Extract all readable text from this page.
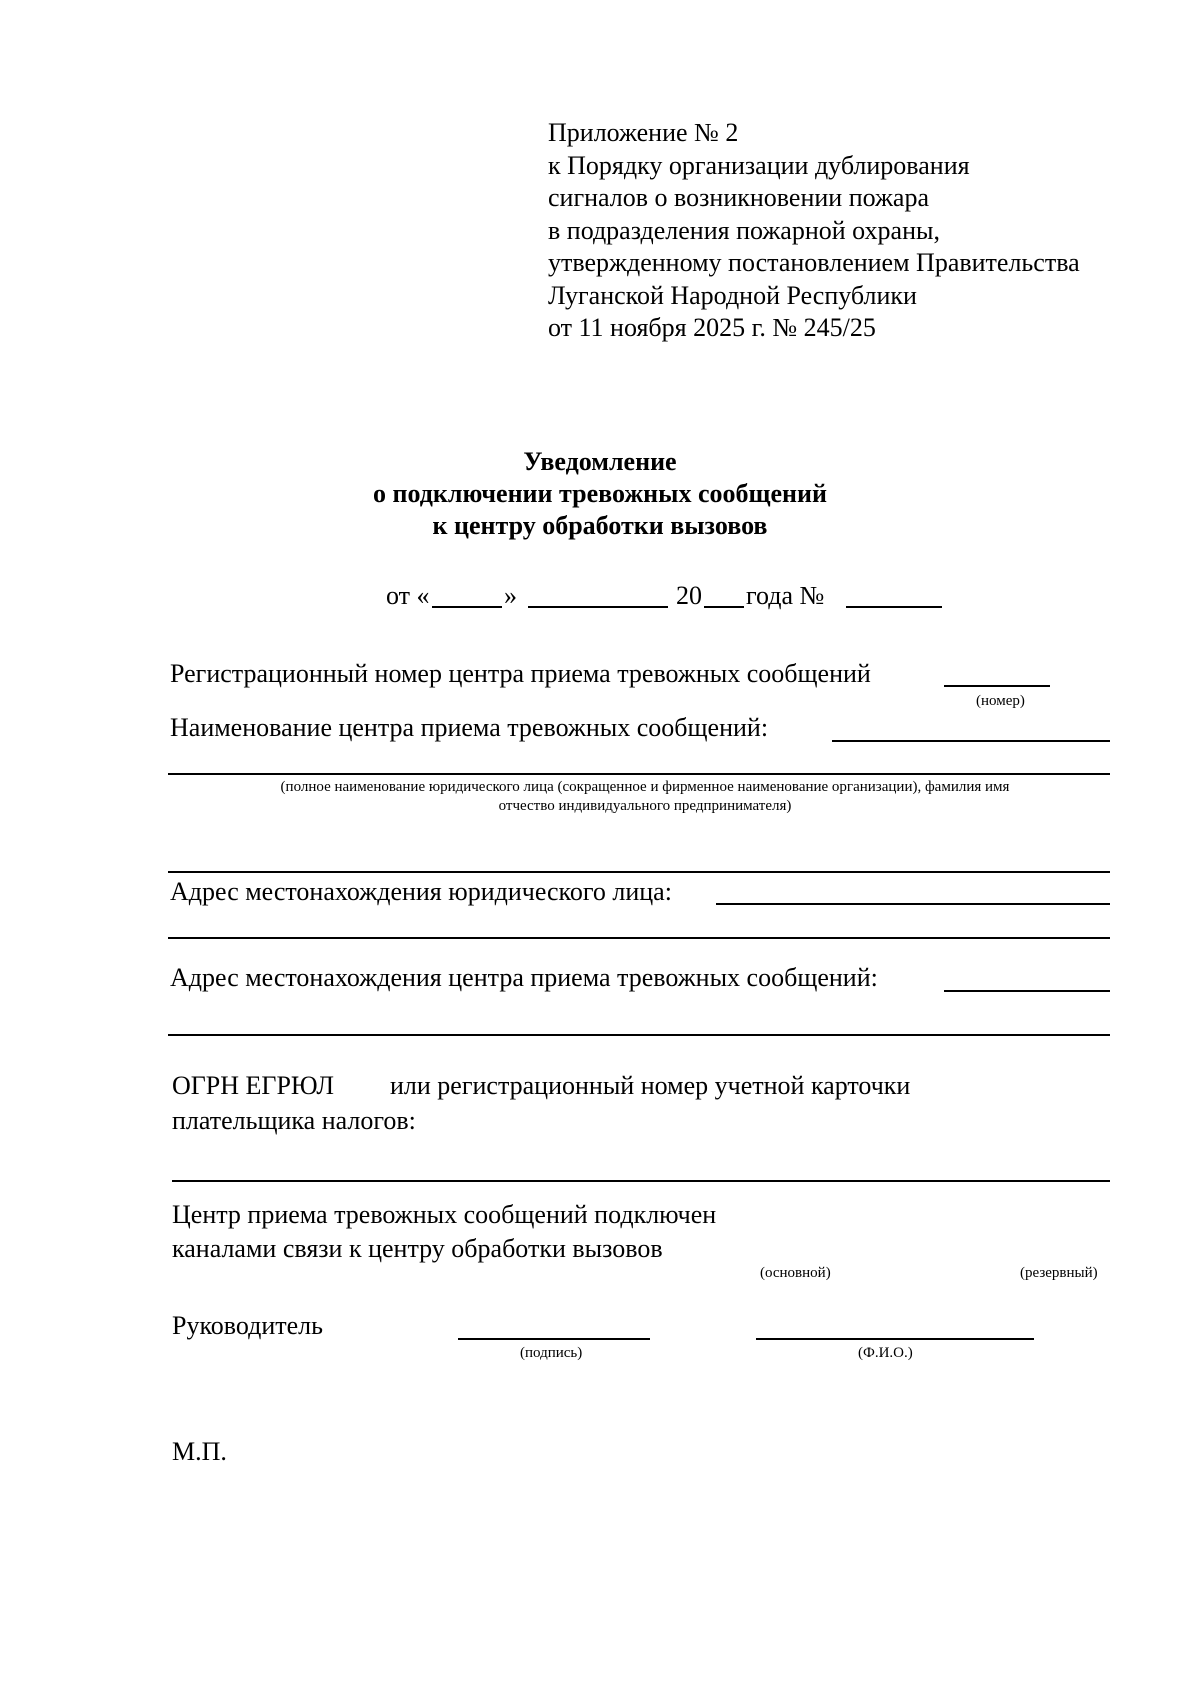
Приложение № 2
к Порядку организации дублирования
сигналов о возникновении пожара
в подразделения пожарной охраны,
утвержденному постановлением Правительства
Луганской Народной Республики
от 11 ноября 2025 г. № 245/25
Уведомление
о подключении тревожных сообщений
к центру обработки вызовов
от «	»	20 года №
Регистрационный номер центра приема тревожных сообщений
(номер)
Наименование центра приема тревожных сообщений:
(полное наименование юридического лица (сокращенное и фирменное наименование организации), фамилия имя
отчество индивидуального предпринимателя)
Адрес местонахождения юридического лица:
Адрес местонахождения центра приема тревожных сообщений:
ОГРН ЕГРЮЛ или регистрационный номер учетной карточки
плательщика налогов:
Центр приема тревожных сообщений подключен
каналами связи к центру обработки вызовов
(основной)	(резервный)
Руководитель
(подпись)	(Ф.И.О.)
М.П.
